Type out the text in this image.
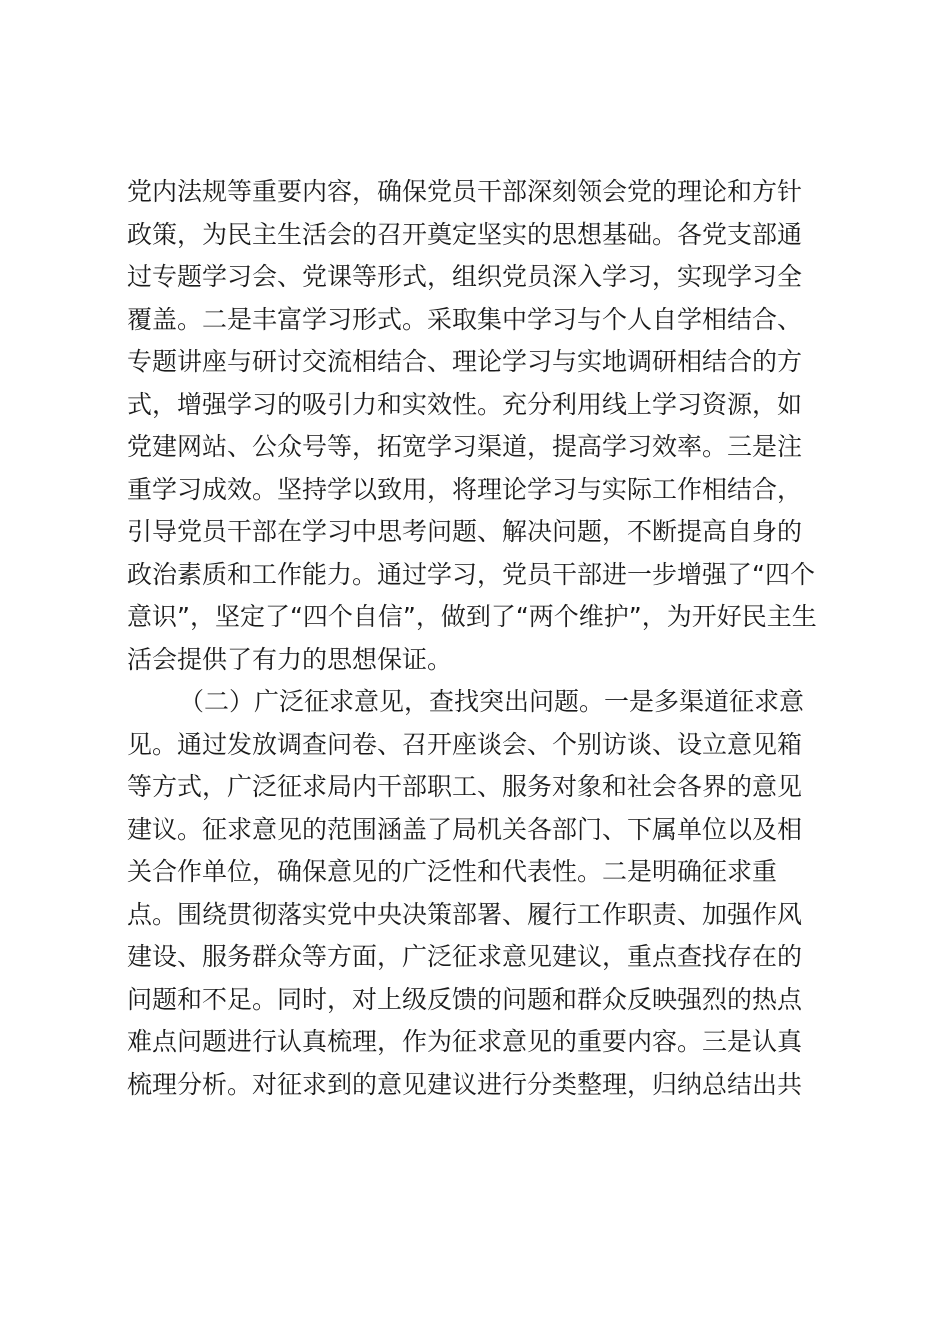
党内法规等重要内容，确保党员干部深刻领会党的理论和方针
政策，为民主生活会的召开奠定坚实的思想基础。各党支部通
过专题学习会、党课等形式，组织党员深入学习，实现学习全
覆盖。二是丰富学习形式。采取集中学习与个人自学相结合、
专题讲座与研讨交流相结合、理论学习与实地调研相结合的方
式，增强学习的吸引力和实效性。充分利用线上学习资源，如
党建网站、公众号等，拓宽学习渠道，提高学习效率。三是注
重学习成效。坚持学以致用，将理论学习与实际工作相结合，
引导党员干部在学习中思考问题、解决问题，不断提高自身的
政治素质和工作能力。通过学习，党员干部进一步增强了“四个
意识”，坚定了“四个自信”，做到了“两个维护”，为开好民主生
活会提供了有力的思想保证。
（二）广泛征求意见，查找突出问题。一是多渠道征求意
见。通过发放调查问卷、召开座谈会、个别访谈、设立意见箱
等方式，广泛征求局内干部职工、服务对象和社会各界的意见
建议。征求意见的范围涵盖了局机关各部门、下属单位以及相
关合作单位，确保意见的广泛性和代表性。二是明确征求重
点。围绕贯彻落实党中央决策部署、履行工作职责、加强作风
建设、服务群众等方面，广泛征求意见建议，重点查找存在的
问题和不足。同时，对上级反馈的问题和群众反映强烈的热点
难点问题进行认真梳理，作为征求意见的重要内容。三是认真
梳理分析。对征求到的意见建议进行分类整理，归纳总结出共
